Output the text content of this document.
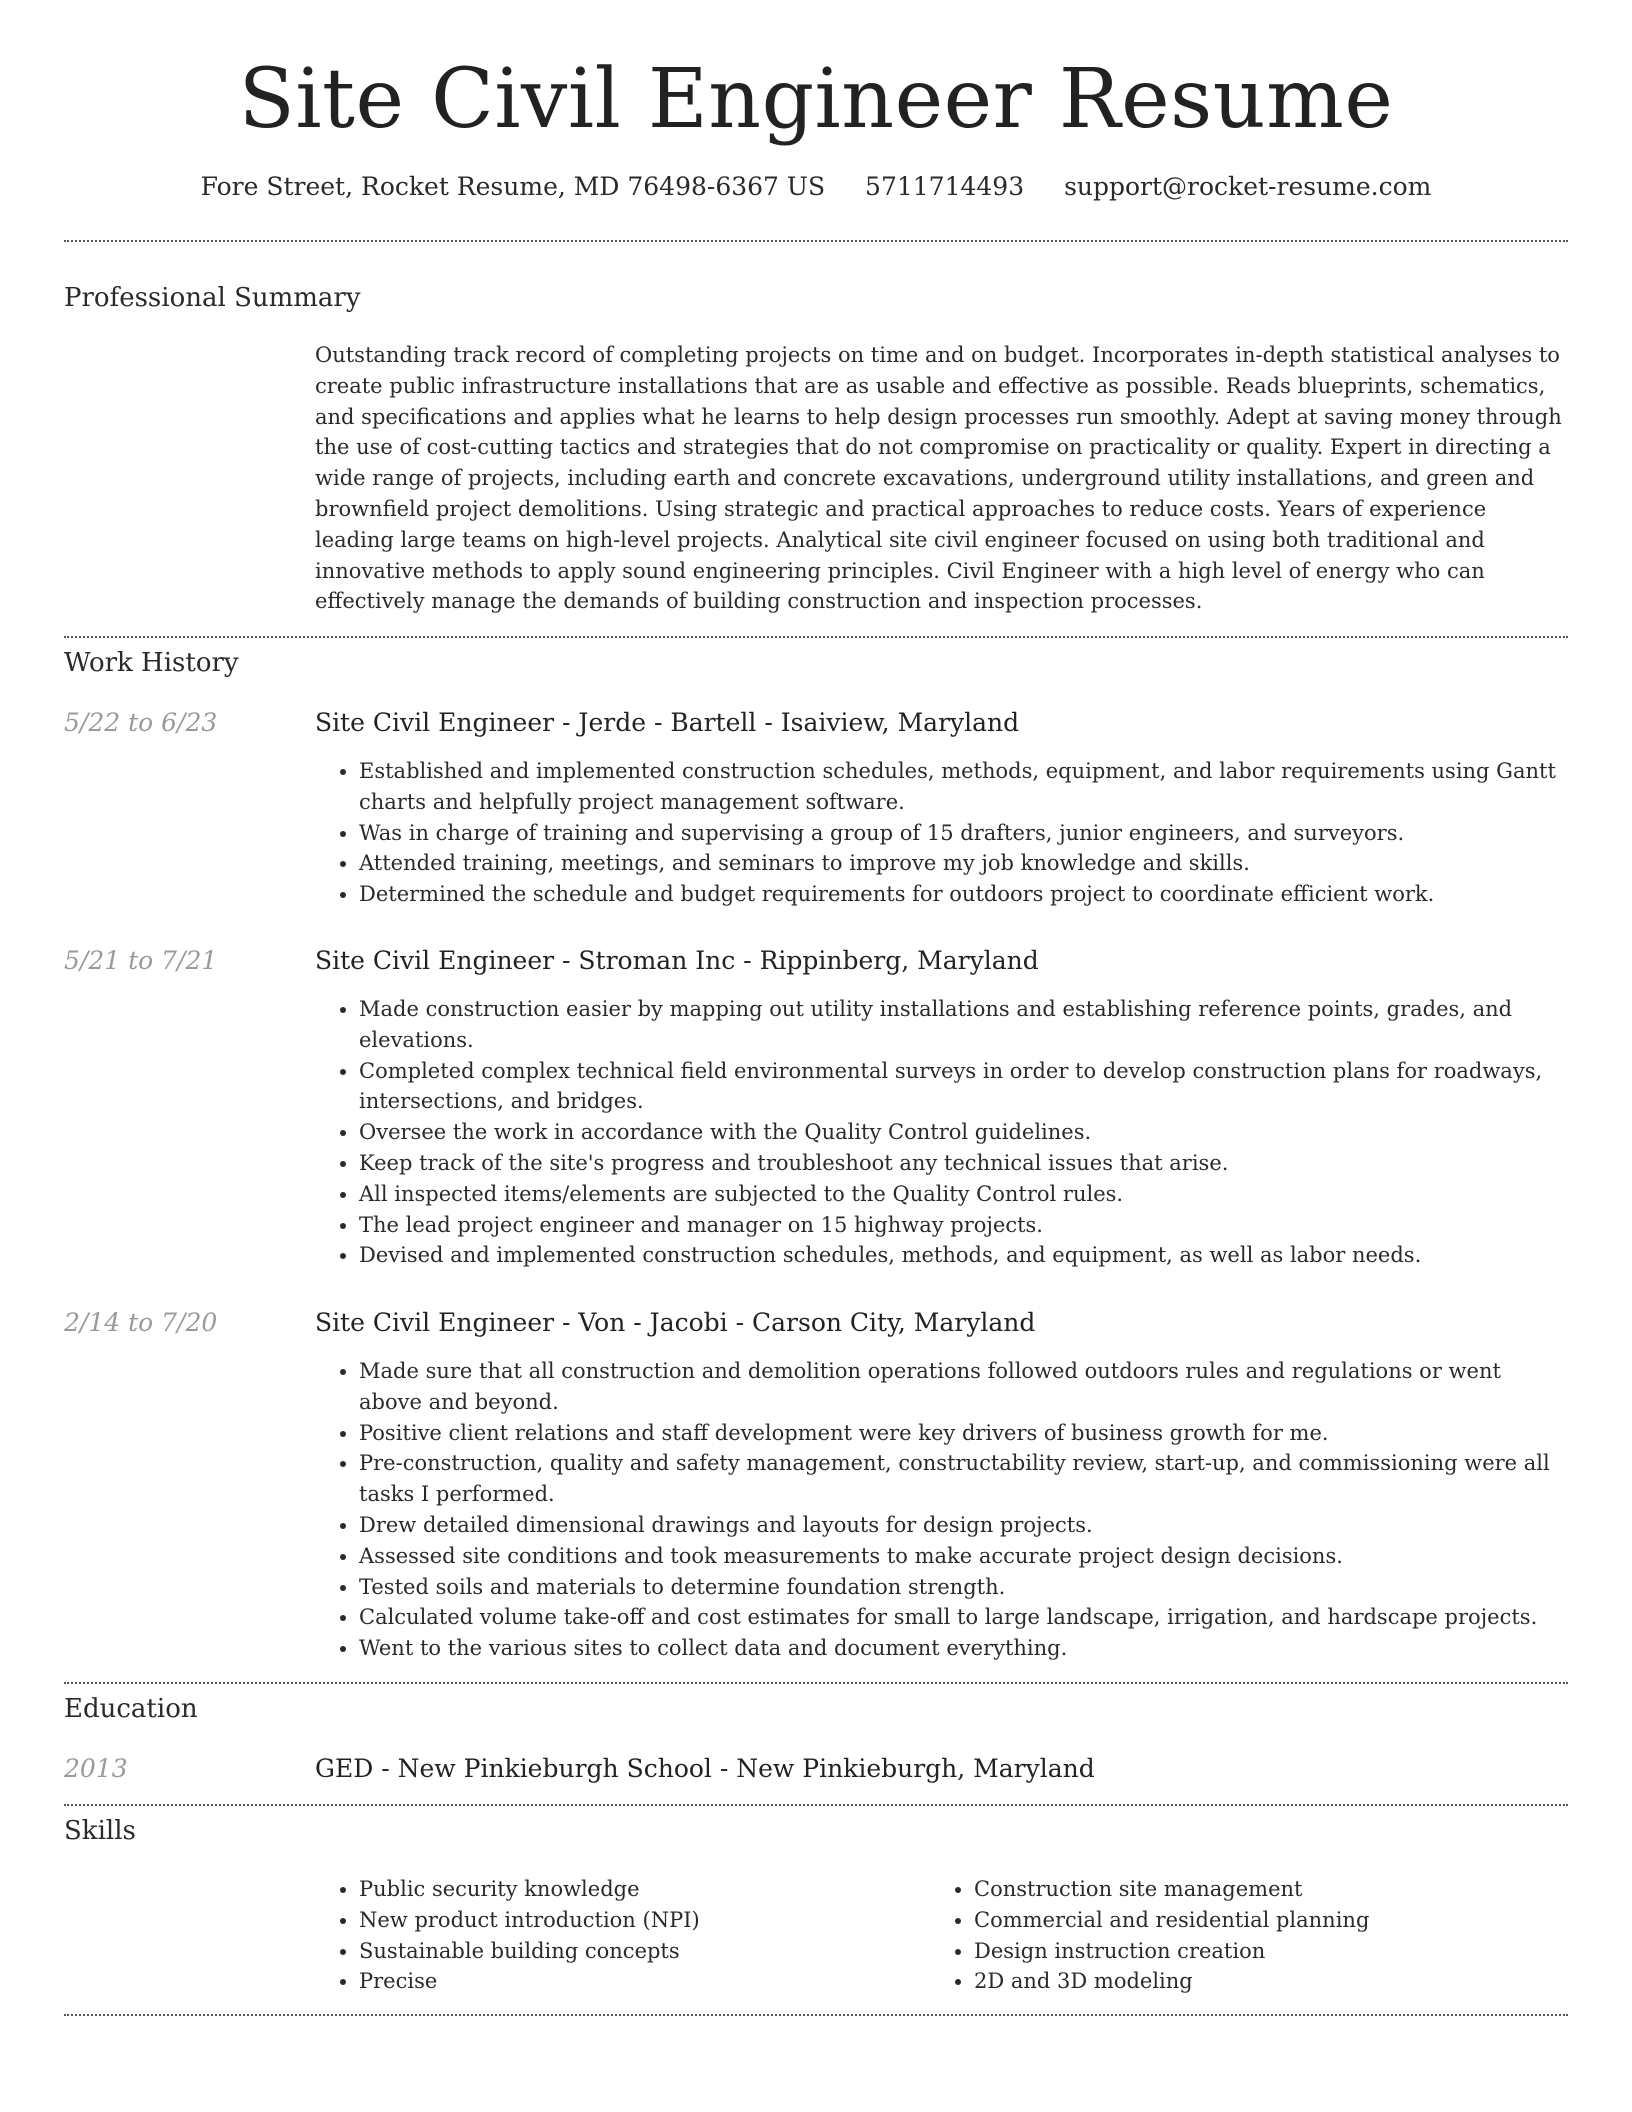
Site Civil Engineer Resume
Fore Street, Rocket Resume, MD 76498-6367 US 5711714493 support@rocket-resume.com
Professional Summary

Outstanding track record of completing projects on time and on budget. Incorporates in-depth statistical analyses to create public infrastructure installations that are as usable and effective as possible. Reads blueprints, schematics, and specifications and applies what he learns to help design processes run smoothly. Adept at saving money through the use of cost-cutting tactics and strategies that do not compromise on practicality or quality. Expert in directing a wide range of projects, including earth and concrete excavations, underground utility installations, and green and brownfield project demolitions. Using strategic and practical approaches to reduce costs. Years of experience leading large teams on high-level projects. Analytical site civil engineer focused on using both traditional and innovative methods to apply sound engineering principles. Civil Engineer with a high level of energy who can effectively manage the demands of building construction and inspection processes.

Work History
5/22 to 6/23	Site Civil Engineer - Jerde - Bartell - Isaiview, Maryland
• Established and implemented construction schedules, methods, equipment, and labor requirements using Gantt charts and helpfully project management software.
• Was in charge of training and supervising a group of 15 drafters, junior engineers, and surveyors.
• Attended training, meetings, and seminars to improve my job knowledge and skills.
• Determined the schedule and budget requirements for outdoors project to coordinate efficient work.
5/21 to 7/21	Site Civil Engineer - Stroman Inc - Rippinberg, Maryland
• Made construction easier by mapping out utility installations and establishing reference points, grades, and elevations.
• Completed complex technical field environmental surveys in order to develop construction plans for roadways, intersections, and bridges.
• Oversee the work in accordance with the Quality Control guidelines.
• Keep track of the site's progress and troubleshoot any technical issues that arise.
• All inspected items/elements are subjected to the Quality Control rules.
• The lead project engineer and manager on 15 highway projects.
• Devised and implemented construction schedules, methods, and equipment, as well as labor needs.
2/14 to 7/20	Site Civil Engineer - Von - Jacobi - Carson City, Maryland
• Made sure that all construction and demolition operations followed outdoors rules and regulations or went above and beyond.
• Positive client relations and staff development were key drivers of business growth for me.
• Pre-construction, quality and safety management, constructability review, start-up, and commissioning were all tasks I performed.
• Drew detailed dimensional drawings and layouts for design projects.
• Assessed site conditions and took measurements to make accurate project design decisions.
• Tested soils and materials to determine foundation strength.
• Calculated volume take-off and cost estimates for small to large landscape, irrigation, and hardscape projects.
• Went to the various sites to collect data and document everything.
Education
2013	GED - New Pinkieburgh School - New Pinkieburgh, Maryland
Skills
• Public security knowledge
• New product introduction (NPI)
• Sustainable building concepts
• Precise
• Construction site management
• Commercial and residential planning
• Design instruction creation
• 2D and 3D modeling
